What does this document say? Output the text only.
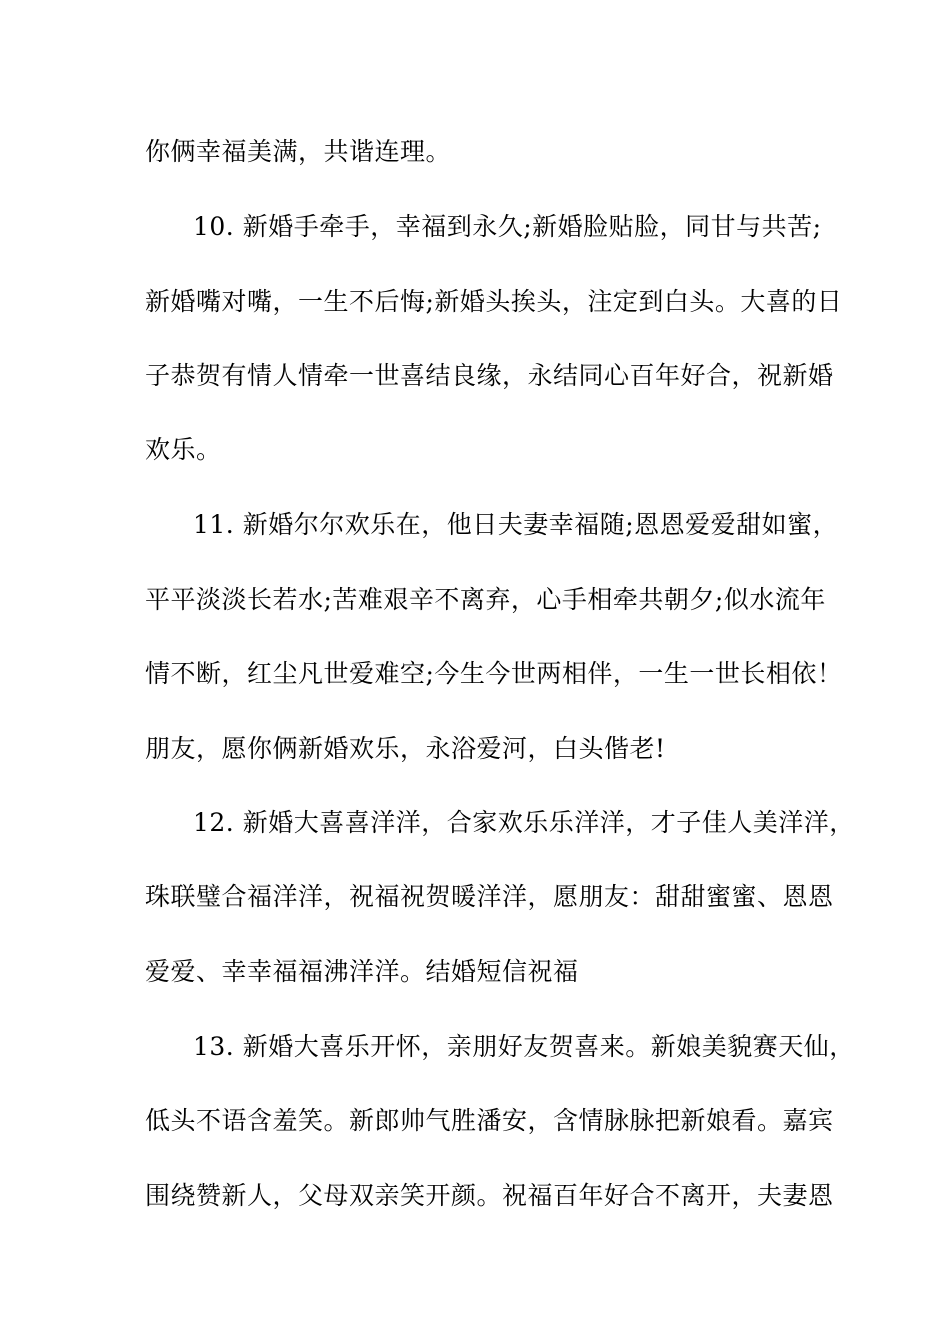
你俩幸福美满，共谐连理。
10. 新婚手牵手，幸福到永久;新婚脸贴脸，同甘与共苦;
新婚嘴对嘴，一生不后悔;新婚头挨头，注定到白头。大喜的日
子恭贺有情人情牵一世喜结良缘，永结同心百年好合，祝新婚
欢乐。
11. 新婚尔尔欢乐在，他日夫妻幸福随;恩恩爱爱甜如蜜，
平平淡淡长若水;苦难艰辛不离弃，心手相牵共朝夕;似水流年
情不断，红尘凡世爱难空;今生今世两相伴，一生一世长相依！
朋友，愿你俩新婚欢乐，永浴爱河，白头偕老!
12. 新婚大喜喜洋洋，合家欢乐乐洋洋，才子佳人美洋洋，
珠联璧合福洋洋，祝福祝贺暖洋洋，愿朋友：甜甜蜜蜜、恩恩
爱爱、幸幸福福沸洋洋。结婚短信祝福
13. 新婚大喜乐开怀，亲朋好友贺喜来。新娘美貌赛天仙，
低头不语含羞笑。新郎帅气胜潘安，含情脉脉把新娘看。嘉宾
围绕赞新人，父母双亲笑开颜。祝福百年好合不离开，夫妻恩
